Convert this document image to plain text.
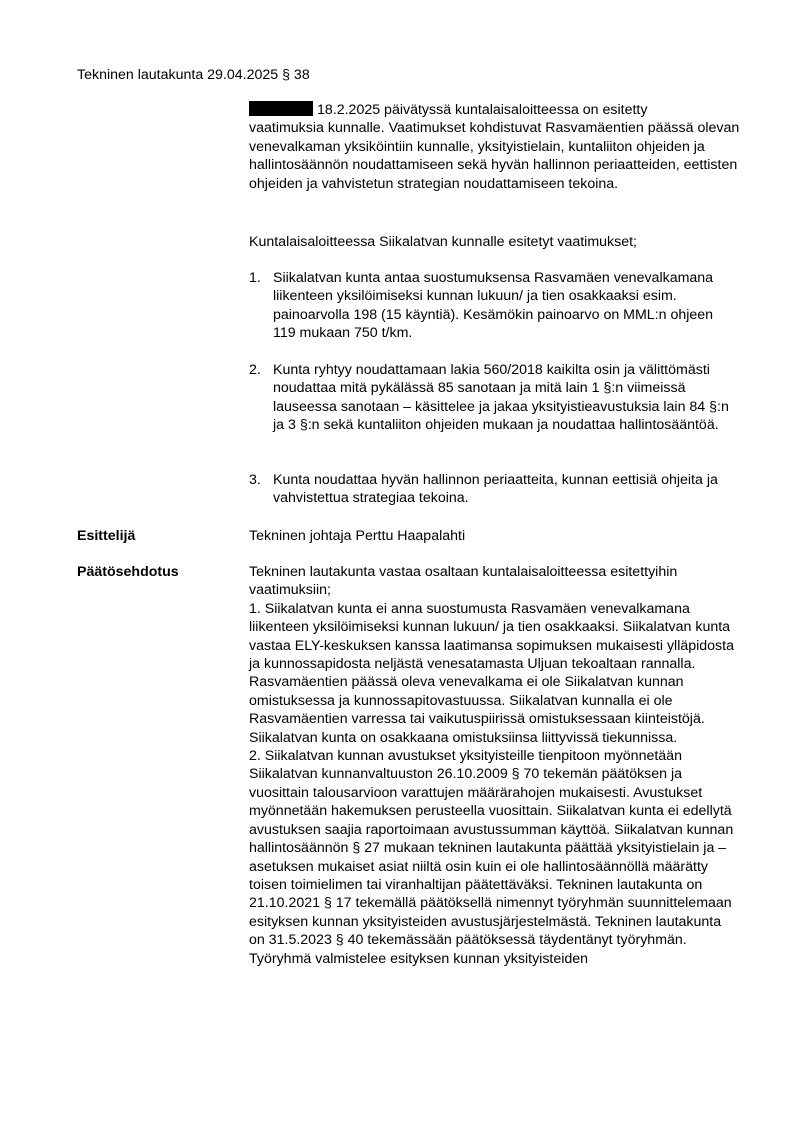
Tekninen lautakunta 29.04.2025 § 38
18.2.2025 päivätyssä kuntalaisaloitteessa on esitetty
vaatimuksia kunnalle. Vaatimukset kohdistuvat Rasvamäentien päässä olevan venevalkaman yksiköintiin kunnalle, yksityistielain, kuntaliiton ohjeiden ja hallintosäännön noudattamiseen sekä hyvän hallinnon periaatteiden, eettisten ohjeiden ja vahvistetun strategian noudattamiseen tekoina.
Kuntalaisaloitteessa Siikalatvan kunnalle esitetyt vaatimukset;
1. Siikalatvan kunta antaa suostumuksensa Rasvamäen venevalkamana liikenteen yksilöimiseksi kunnan lukuun/ ja tien osakkaaksi esim. painoarvolla 198 (15 käyntiä). Kesämökin painoarvo on MML:n ohjeen 119 mukaan 750 t/km.
2. Kunta ryhtyy noudattamaan lakia 560/2018 kaikilta osin ja välittömästi noudattaa mitä pykälässä 85 sanotaan ja mitä lain 1 §:n viimeissä lauseessa sanotaan – käsittelee ja jakaa yksityistieavustuksia lain 84 §:n ja 3 §:n sekä kuntaliiton ohjeiden mukaan ja noudattaa hallintosääntöä.
3. Kunta noudattaa hyvän hallinnon periaatteita, kunnan eettisiä ohjeita ja vahvistettua strategiaa tekoina.
Esittelijä	Tekninen johtaja Perttu Haapalahti
Päätösehdotus	Tekninen lautakunta vastaa osaltaan kuntalaisaloitteessa esitettyihin vaatimuksiin;
1. Siikalatvan kunta ei anna suostumusta Rasvamäen venevalkamana liikenteen yksilöimiseksi kunnan lukuun/ ja tien osakkaaksi. Siikalatvan kunta vastaa ELY-keskuksen kanssa laatimansa sopimuksen mukaisesti ylläpidosta ja kunnossapidosta neljästä venesatamasta Uljuan tekoaltaan rannalla. Rasvamäentien päässä oleva venevalkama ei ole Siikalatvan kunnan omistuksessa ja kunnossapitovastuussa. Siikalatvan kunnalla ei ole Rasvamäentien varressa tai vaikutuspiirissä omistuksessaan kiinteistöjä. Siikalatvan kunta on osakkaana omistuksiinsa liittyvissä tiekunnissa.
2. Siikalatvan kunnan avustukset yksityisteille tienpitoon myönnetään Siikalatvan kunnanvaltuuston 26.10.2009 § 70 tekemän päätöksen ja vuosittain talousarvioon varattujen määrärahojen mukaisesti. Avustukset myönnetään hakemuksen perusteella vuosittain. Siikalatvan kunta ei edellytä avustuksen saajia raportoimaan avustussumman käyttöä. Siikalatvan kunnan hallintosäännön § 27 mukaan tekninen lautakunta päättää yksityistielain ja –asetuksen mukaiset asiat niiltä osin kuin ei ole hallintosäännöllä määrätty toisen toimielimen tai viranhaltijan päätettäväksi. Tekninen lautakunta on 21.10.2021 § 17 tekemällä päätöksellä nimennyt työryhmän suunnittelemaan esityksen kunnan yksityisteiden avustusjärjestelmästä. Tekninen lautakunta on 31.5.2023 § 40 tekemässään päätöksessä täydentänyt työryhmän. Työryhmä valmistelee esityksen kunnan yksityisteiden
